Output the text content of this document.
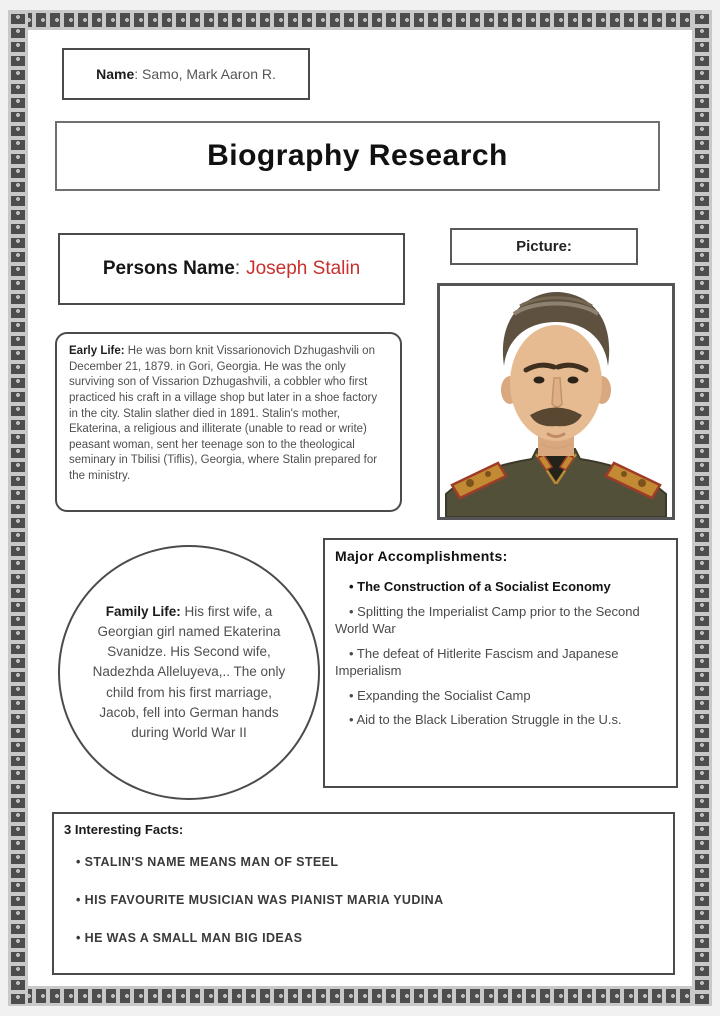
Name : Samo, Mark Aaron R.
Biography Research
Persons Name : Joseph Stalin
Picture:
Early Life: He was born knit Vissarionovich Dzhugashvili on December 21, 1879. in Gori, Georgia. He was the only surviving son of Vissarion Dzhugashvili, a cobbler who first practiced his craft in a village shop but later in a shoe factory in the city. Stalin slather died in 1891. Stalin's mother, Ekaterina, a religious and illiterate (unable to read or write) peasant woman, sent her teenage son to the theological seminary in Tbilisi (Tiflis), Georgia, where Stalin prepared for the ministry.
Family Life: His first wife, a Georgian girl named Ekaterina Svanidze. His Second wife, Nadezhda Alleluyeva,.. The only child from his first marriage, Jacob, fell into German hands during World War II
Major Accomplishments:
• The Construction of a Socialist Economy
• Splitting the Imperialist Camp prior to the Second World War
• The defeat of Hitlerite Fascism and Japanese Imperialism
• Expanding the Socialist Camp
• Aid to the Black Liberation Struggle in the U.s.
3 Interesting Facts:
• STALIN'S NAME MEANS MAN OF STEEL
• HIS FAVOURITE MUSICIAN WAS PIANIST MARIA YUDINA
• HE WAS A SMALL MAN BIG IDEAS
